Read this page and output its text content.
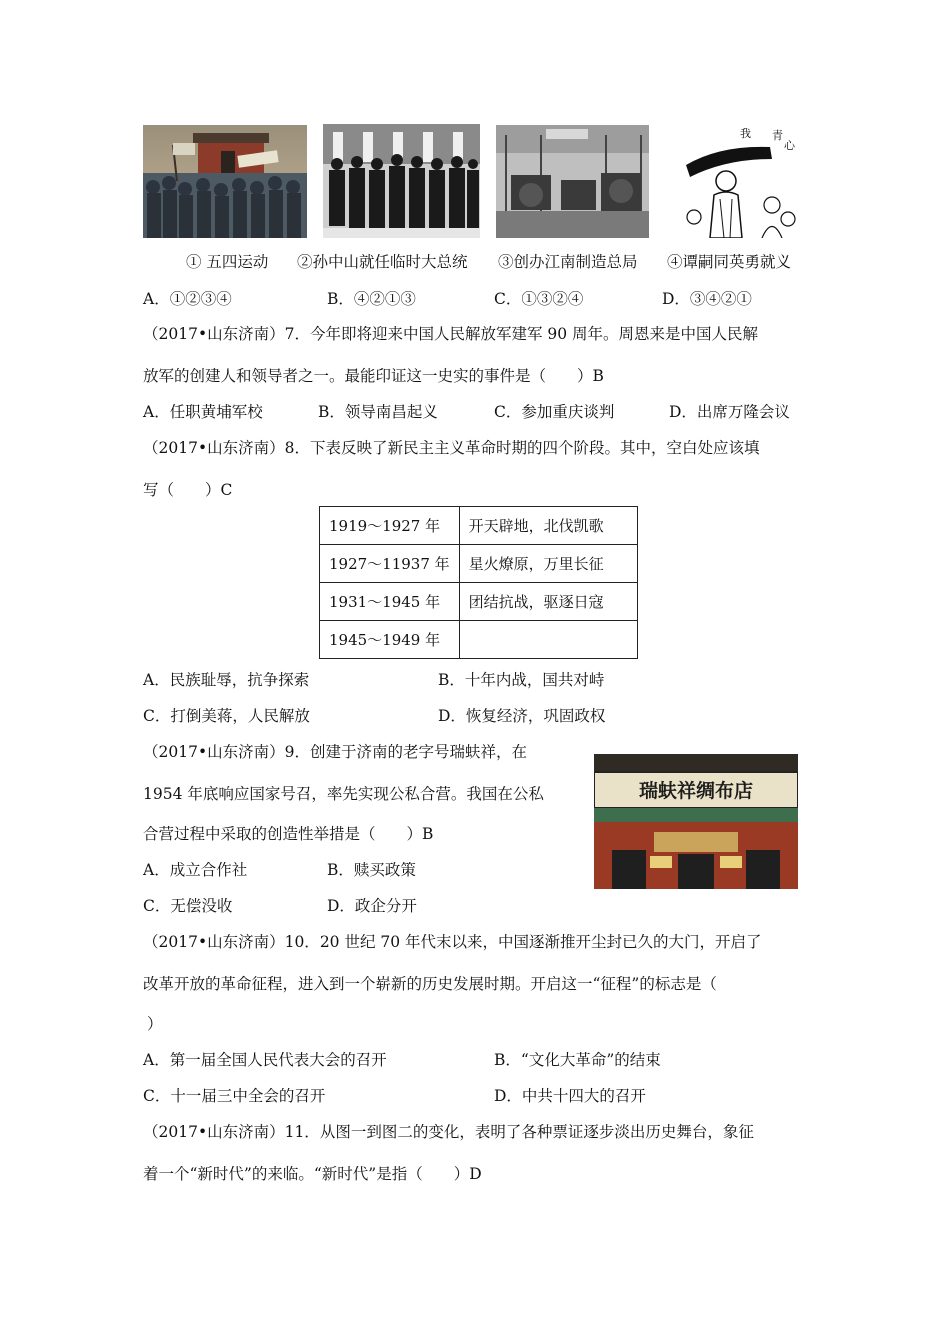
青
心
我
① 五四运动 ②孙中山就任临时大总统 ③创办江南制造总局 ④谭嗣同英勇就义
A．①②③④	B．④②①③	C．①③②④	D．③④②①
（2017•山东济南）7．今年即将迎来中国人民解放军建军 90 周年。周恩来是中国人民解
放军的创建人和领导者之一。最能印证这一史实的事件是（　　）B
A．任职黄埔军校	B．领导南昌起义	C．参加重庆谈判	D．出席万隆会议
（2017•山东济南）8．下表反映了新民主主义革命时期的四个阶段。其中，空白处应该填
写（　　）C
1919～1927 年	开天辟地，北伐凯歌
1927～11937 年	星火燎原，万里长征
1931～1945 年	团结抗战，驱逐日寇
1945～1949 年	
A．民族耻辱，抗争探索	B．十年内战，国共对峙
C．打倒美蒋，人民解放	D．恢复经济，巩固政权
（2017•山东济南）9．创建于济南的老字号瑞蚨祥，在
1954 年底响应国家号召，率先实现公私合营。我国在公私
合营过程中采取的创造性举措是（　　）B
A．成立合作社	B．赎买政策
C．无偿没收	D．政企分开
瑞蚨祥绸布店
（2017•山东济南）10．20 世纪 70 年代末以来，中国逐渐推开尘封已久的大门，开启了
改革开放的革命征程，进入到一个崭新的历史发展时期。开启这一“征程”的标志是（
）
A．第一届全国人民代表大会的召开	B．“文化大革命”的结束
C．十一届三中全会的召开	D．中共十四大的召开
（2017•山东济南）11．从图一到图二的变化，表明了各种票证逐步淡出历史舞台，象征
着一个“新时代”的来临。“新时代”是指（　　）D
